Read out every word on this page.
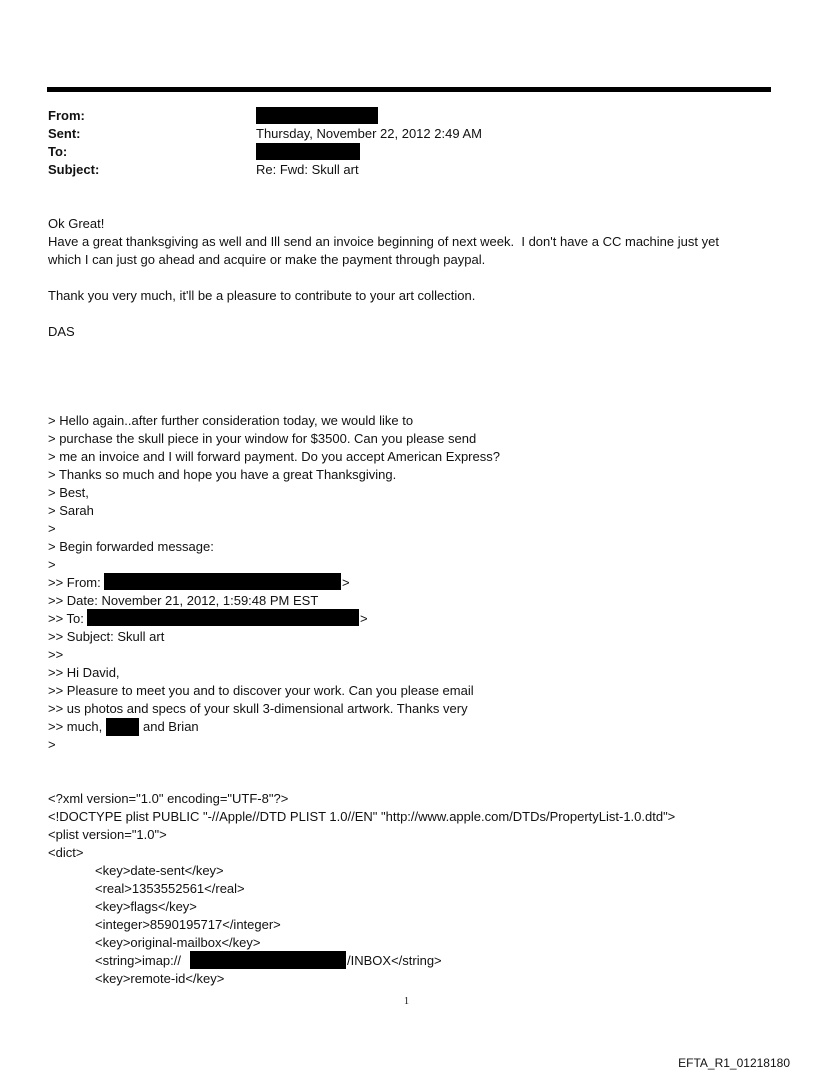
From:
Sent:	Thursday, November 22, 2012 2:49 AM
To:
Subject:	Re: Fwd: Skull art
Ok Great!
Have a great thanksgiving as well and Ill send an invoice beginning of next week.  I don't have a CC machine just yet
which I can just go ahead and acquire or make the payment through paypal.
Thank you very much, it'll be a pleasure to contribute to your art collection.
DAS
> Hello again..after further consideration today, we would like to
> purchase the skull piece in your window for $3500. Can you please send
> me an invoice and I will forward payment. Do you accept American Express?
> Thanks so much and hope you have a great Thanksgiving.
> Best,
> Sarah
>
> Begin forwarded message:
>
>> From:	>
>> Date: November 21, 2012, 1:59:48 PM EST
>> To:	>
>> Subject: Skull art
>>
>> Hi David,
>> Pleasure to meet you and to discover your work. Can you please email
>> us photos and specs of your skull 3-dimensional artwork. Thanks very
>> much,	and Brian
>
<?xml version="1.0" encoding="UTF-8"?>
<!DOCTYPE plist PUBLIC "-//Apple//DTD PLIST 1.0//EN" "http://www.apple.com/DTDs/PropertyList-1.0.dtd">
<plist version="1.0">
<dict>
<key>date-sent</key>
<real>1353552561</real>
<key>flags</key>
<integer>8590195717</integer>
<key>original-mailbox</key>
<string>imap://	/INBOX</string>
<key>remote-id</key>
1
EFTA_R1_01218180
